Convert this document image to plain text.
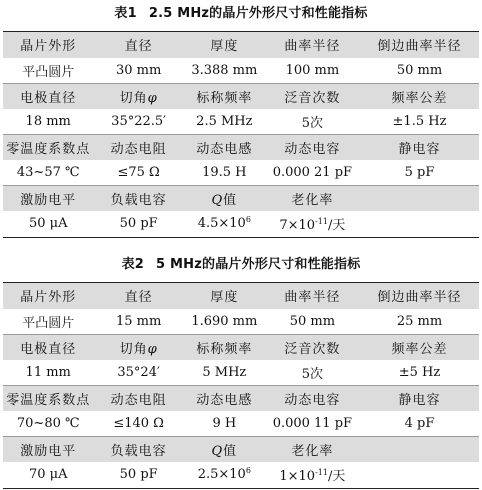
表1 2.5 MHz的晶片外形尺寸和性能指标
晶片外形	直径	厚度	曲率半径	倒边曲率半径
平凸圆片	30 mm	3.388 mm	100 mm	50 mm
电极直径	切角φ	标称频率	泛音次数	频率公差
18 mm	35°22.5′	2.5 MHz	5次	±1.5 Hz
零温度系数点	动态电阻	动态电感	动态电容	静电容
43~57 ℃	≤75 Ω	19.5 H	0.000 21 pF	5 pF
激励电平	负载电容	Q值	老化率	
50 μA	50 pF	$4.5\times 10^6$	$7\times 10^{-11}/$天	
表2 5 MHz的晶片外形尺寸和性能指标
晶片外形	直径	厚度	曲率半径	倒边曲率半径
平凸圆片	15 mm	1.690 mm	50 mm	25 mm
电极直径	切角φ	标称频率	泛音次数	频率公差
11 mm	35°24′	5 MHz	5次	±5 Hz
零温度系数点	动态电阻	动态电感	动态电容	静电容
70~80 ℃	≤140 Ω	9 H	0.000 11 pF	4 pF
激励电平	负载电容	Q值	老化率	
70 μA	50 pF	$2.5\times 10^6$	$1\times 10^{-11}/$天	
